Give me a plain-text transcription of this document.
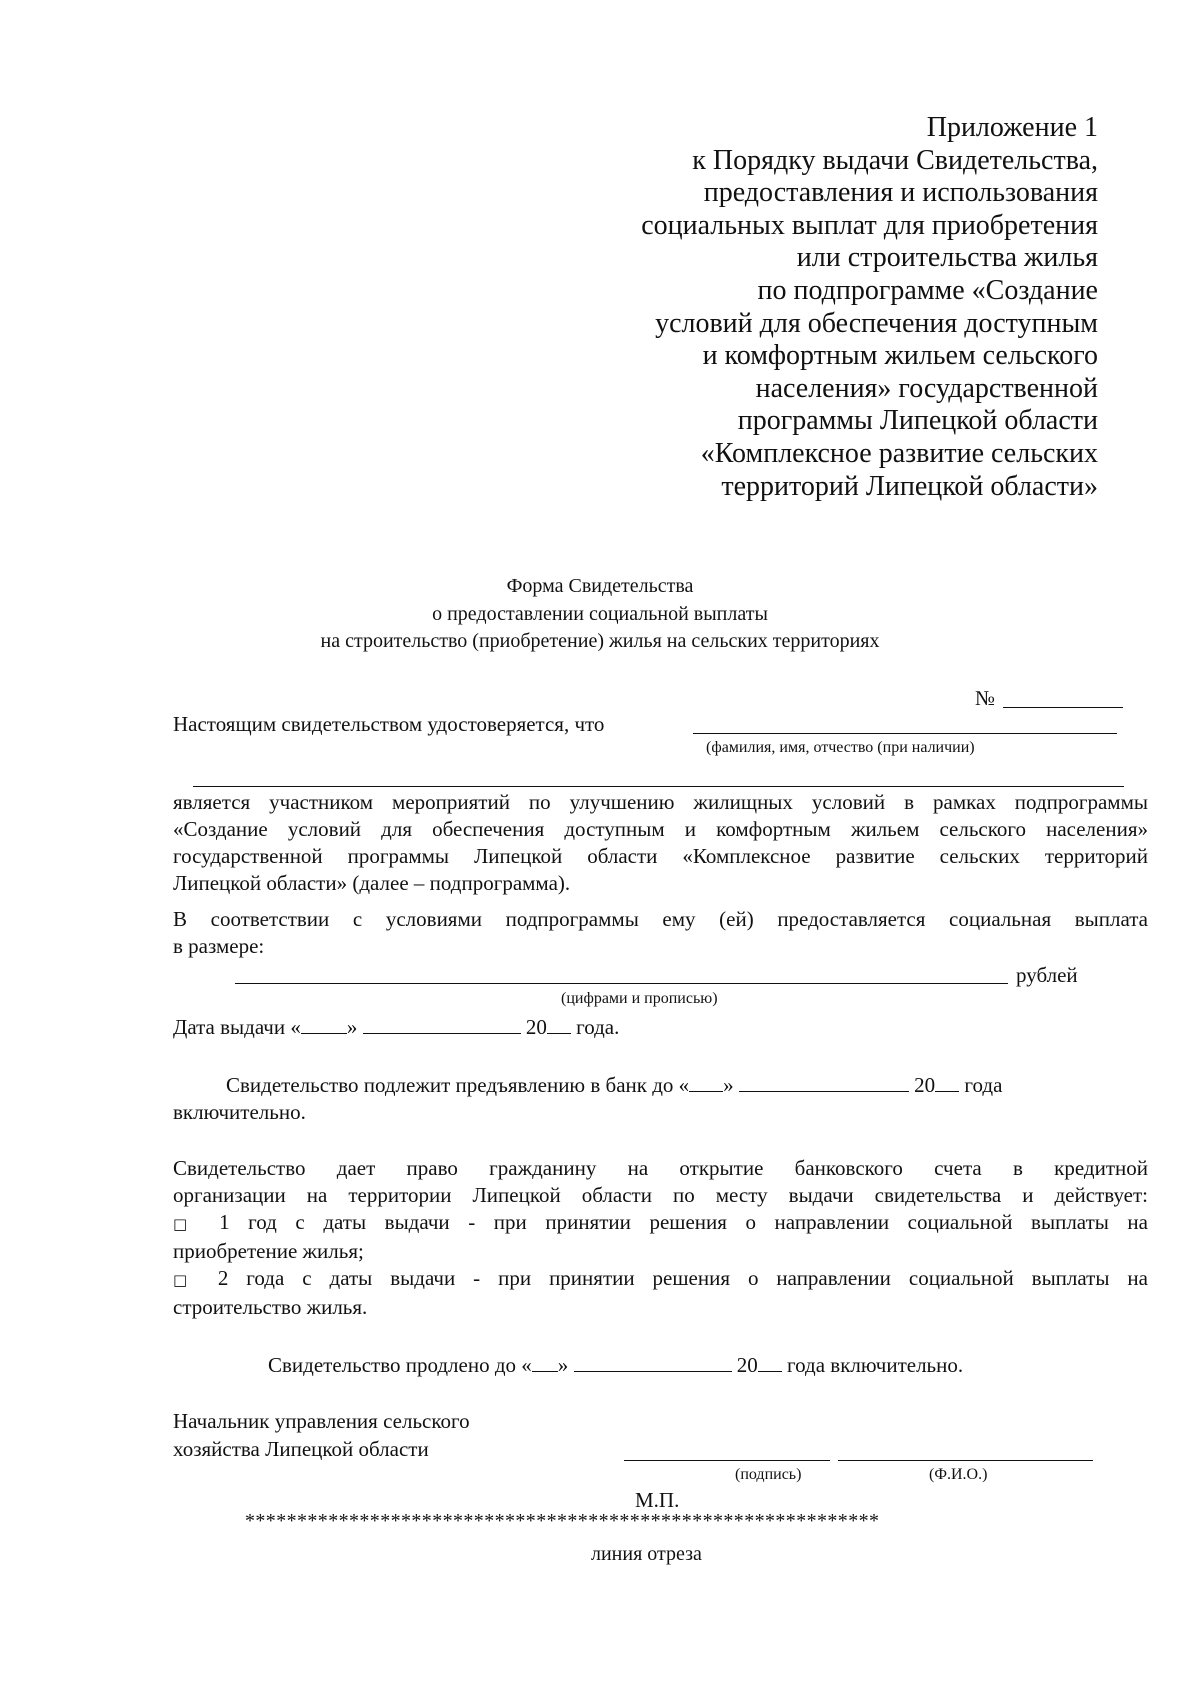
Приложение 1
к Порядку выдачи Свидетельства,
предоставления и использования
социальных выплат для приобретения
или строительства жилья
по подпрограмме «Создание
условий для обеспечения доступным
и комфортным жильем сельского
населения» государственной
программы Липецкой области
«Комплексное развитие сельских
территорий Липецкой области»
Форма Свидетельства
о предоставлении социальной выплаты
на строительство (приобретение) жилья на сельских территориях
№
Настоящим свидетельством удостоверяется, что
(фамилия, имя, отчество (при наличии)
является участником мероприятий по улучшению жилищных условий в рамках подпрограммы
«Создание условий для обеспечения доступным и комфортным жильем сельского населения»
государственной программы Липецкой области «Комплексное развитие сельских территорий
Липецкой области» (далее – подпрограмма).
В соответствии с условиями подпрограммы ему (ей) предоставляется социальная выплата
в размере:
рублей
(цифрами и прописью)
Дата выдачи « »	20 года.
Свидетельство подлежит предъявлению в банк до « »	20 года
включительно.
Свидетельство дает право гражданину на открытие банковского счета в кредитной
организации на территории Липецкой области по месту выдачи свидетельства и действует:
□ 1 год с даты выдачи - при принятии решения о направлении социальной выплаты на
приобретение жилья;
□ 2 года с даты выдачи - при принятии решения о направлении социальной выплаты на
строительство жилья.
Свидетельство продлено до « »	20 года включительно.
Начальник управления сельского
хозяйства Липецкой области
(подпись)	(Ф.И.О.)
М.П.
*************************************************************
линия отреза
